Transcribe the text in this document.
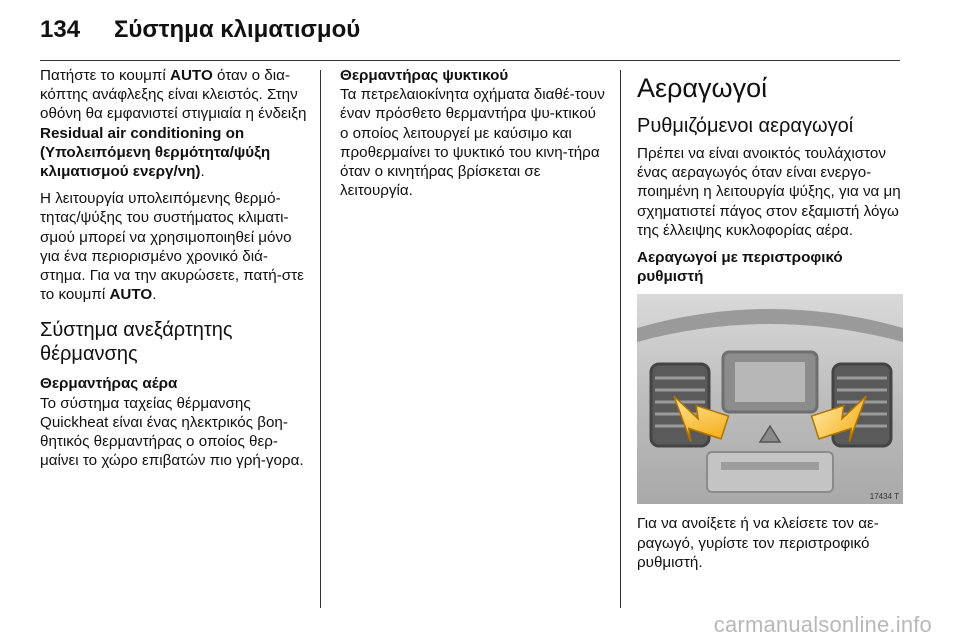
134 Σύστημα κλιματισμού

Πατήστε το κουμπί AUTO όταν ο δια-κόπτης ανάφλεξης είναι κλειστός. Στην οθόνη θα εμφανιστεί στιγμιαία η ένδειξη Residual air conditioning on (Υπολειπόμενη θερμότητα/ψύξη κλιματισμού ενεργ/νη).

Η λειτουργία υπολειπόμενης θερμό-τητας/ψύξης του συστήματος κλιματι-σμού μπορεί να χρησιμοποιηθεί μόνο για ένα περιορισμένο χρονικό διά-στημα. Για να την ακυρώσετε, πατή-στε το κουμπί AUTO.

Σύστημα ανεξάρτητης θέρμανσης
Θερμαντήρας αέρα

Το σύστημα ταχείας θέρμανσης Quickheat είναι ένας ηλεκτρικός βοη-θητικός θερμαντήρας ο οποίος θερ-μαίνει το χώρο επιβατών πιο γρή-γορα.

Θερμαντήρας ψυκτικού

Τα πετρελαιοκίνητα οχήματα διαθέ-τουν έναν πρόσθετο θερμαντήρα ψυ-κτικού ο οποίος λειτουργεί με καύσιμο και προθερμαίνει το ψυκτικό του κινη-τήρα όταν ο κινητήρας βρίσκεται σε λειτουργία.

Αεραγωγοί
Ρυθμιζόμενοι αεραγωγοί

Πρέπει να είναι ανοικτός τουλάχιστον ένας αεραγωγός όταν είναι ενεργο-ποιημένη η λειτουργία ψύξης, για να μη σχηματιστεί πάγος στον εξαμιστή λόγω της έλλειψης κυκλοφορίας αέρα.

Αεραγωγοί με περιστροφικό ρυθμιστή
17434 T

Για να ανοίξετε ή να κλείσετε τον αε-ραγωγό, γυρίστε τον περιστροφικό ρυθμιστή.

carmanualsonline.info
